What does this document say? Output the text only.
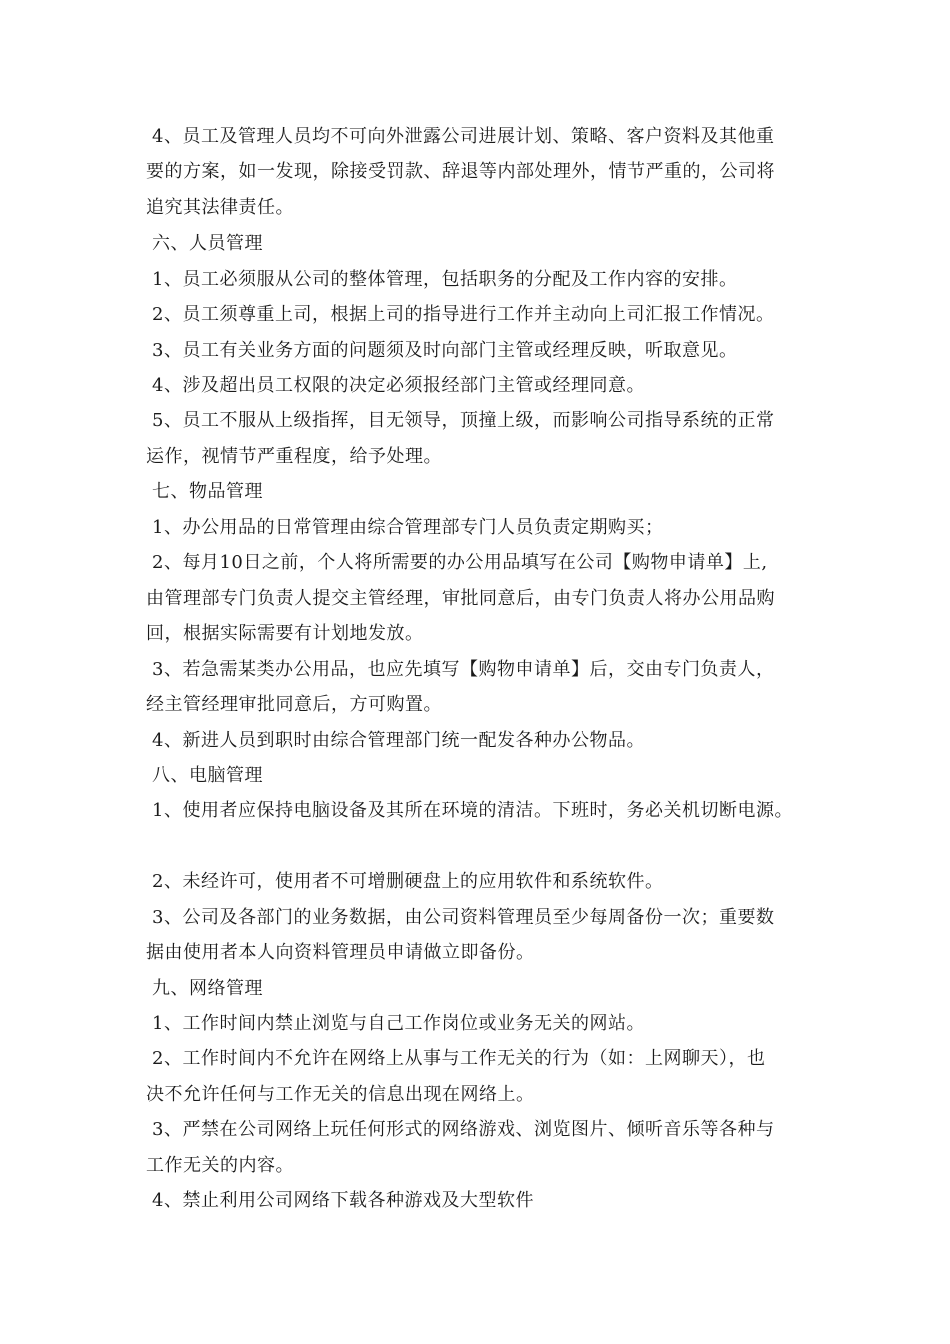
4、员工及管理人员均不可向外泄露公司进展计划、策略、客户资料及其他重
要的方案，如一发现，除接受罚款、辞退等内部处理外，情节严重的，公司将
追究其法律责任。
六、人员管理
1、员工必须服从公司的整体管理，包括职务的分配及工作内容的安排。
2、员工须尊重上司，根据上司的指导进行工作并主动向上司汇报工作情况。
3、员工有关业务方面的问题须及时向部门主管或经理反映，听取意见。
4、涉及超出员工权限的决定必须报经部门主管或经理同意。
5、员工不服从上级指挥，目无领导，顶撞上级，而影响公司指导系统的正常
运作，视情节严重程度，给予处理。
七、物品管理
1、办公用品的日常管理由综合管理部专门人员负责定期购买；
2、每月10日之前，个人将所需要的办公用品填写在公司【购物申请单】上,
由管理部专门负责人提交主管经理，审批同意后，由专门负责人将办公用品购
回，根据实际需要有计划地发放。
3、若急需某类办公用品，也应先填写【购物申请单】后，交由专门负责人，
经主管经理审批同意后，方可购置。
4、新进人员到职时由综合管理部门统一配发各种办公物品。
八、电脑管理
1、使用者应保持电脑设备及其所在环境的清洁。下班时，务必关机切断电源。
2、未经许可，使用者不可增删硬盘上的应用软件和系统软件。
3、公司及各部门的业务数据，由公司资料管理员至少每周备份一次；重要数
据由使用者本人向资料管理员申请做立即备份。
九、网络管理
1、工作时间内禁止浏览与自己工作岗位或业务无关的网站。
2、工作时间内不允许在网络上从事与工作无关的行为（如：上网聊天），也
决不允许任何与工作无关的信息出现在网络上。
3、严禁在公司网络上玩任何形式的网络游戏、浏览图片、倾听音乐等各种与
工作无关的内容。
4、禁止利用公司网络下载各种游戏及大型软件
